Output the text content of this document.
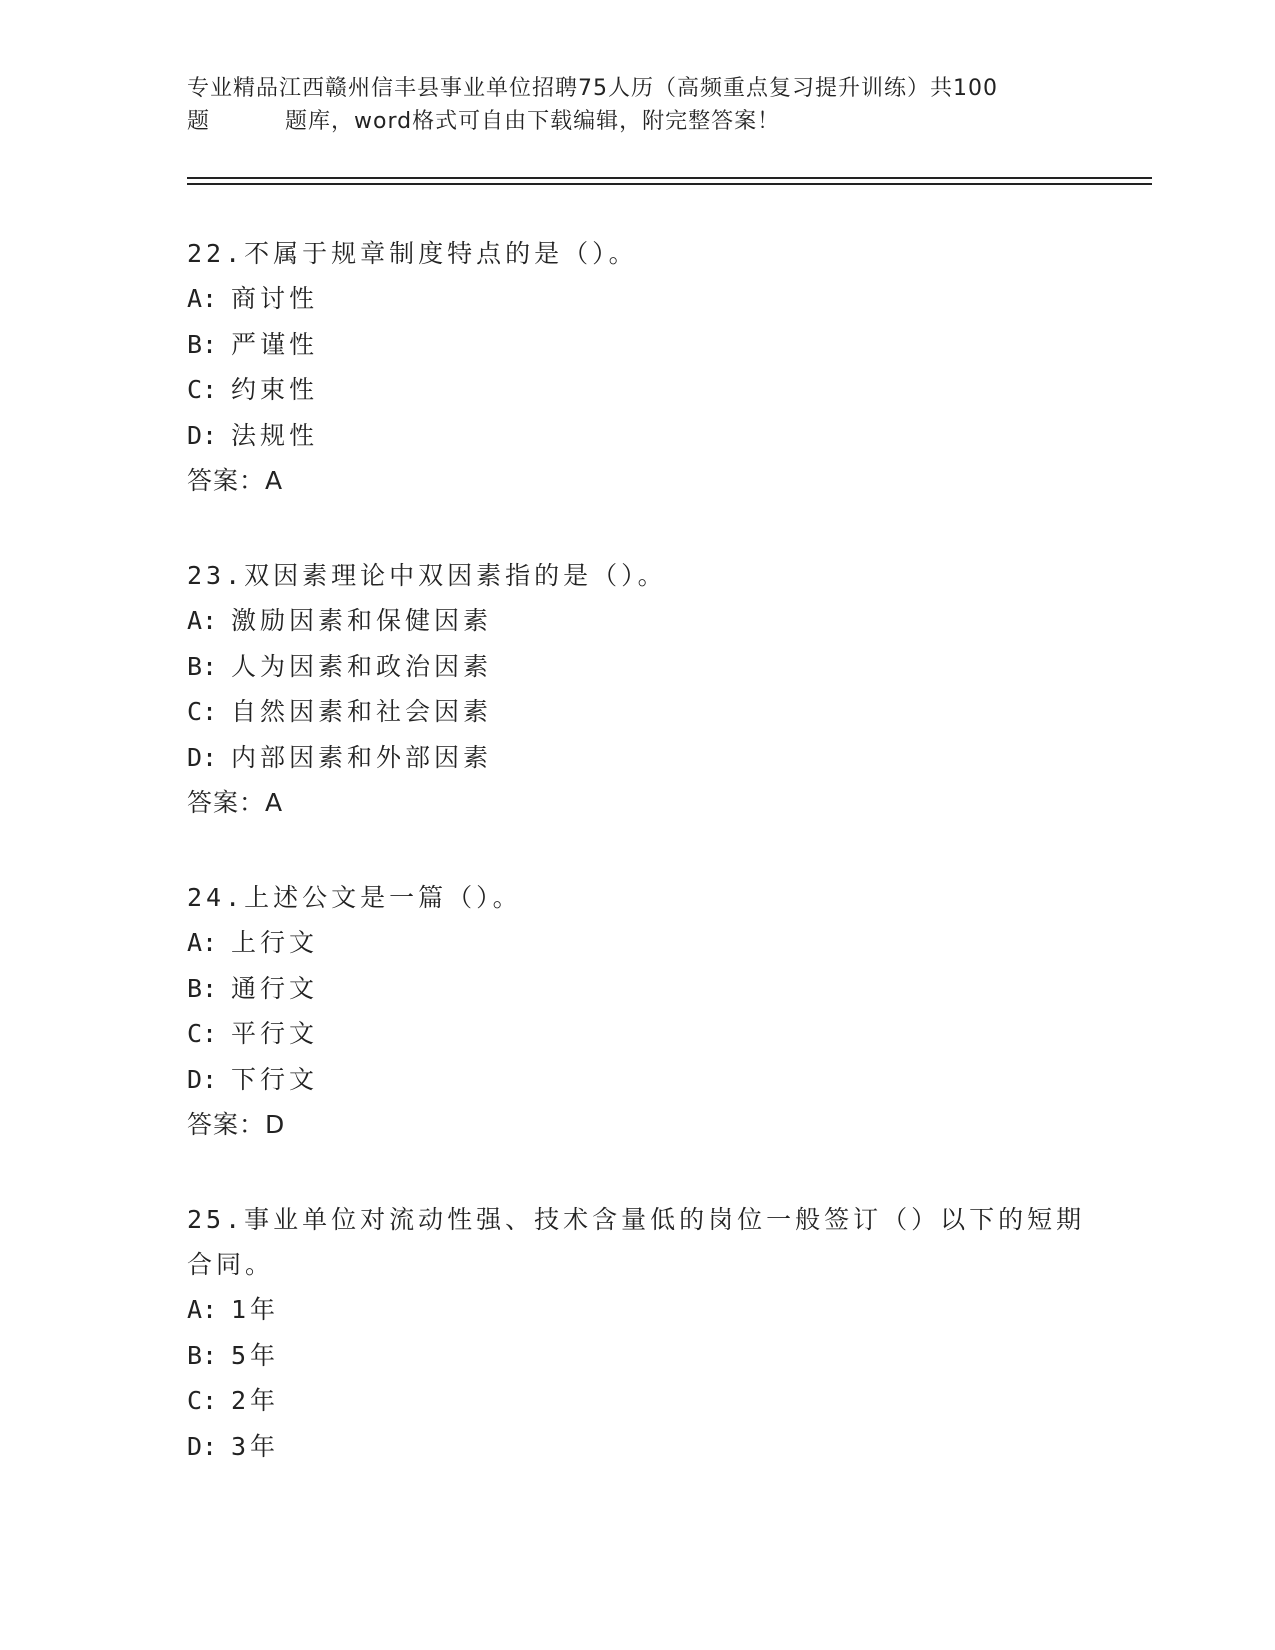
专业精品江西赣州信丰县事业单位招聘75人历（高频重点复习提升训练）共100
题	题库，word格式可自由下载编辑，附完整答案！
22.不属于规章制度特点的是（）。
A: 商讨性
B: 严谨性
C: 约束性
D: 法规性
答案：A
23.双因素理论中双因素指的是（）。
A: 激励因素和保健因素
B: 人为因素和政治因素
C: 自然因素和社会因素
D: 内部因素和外部因素
答案：A
24.上述公文是一篇（）。
A: 上行文
B: 通行文
C: 平行文
D: 下行文
答案：D
25.事业单位对流动性强、技术含量低的岗位一般签订（）以下的短期合同。
A: 1年
B: 5年
C: 2年
D: 3年
